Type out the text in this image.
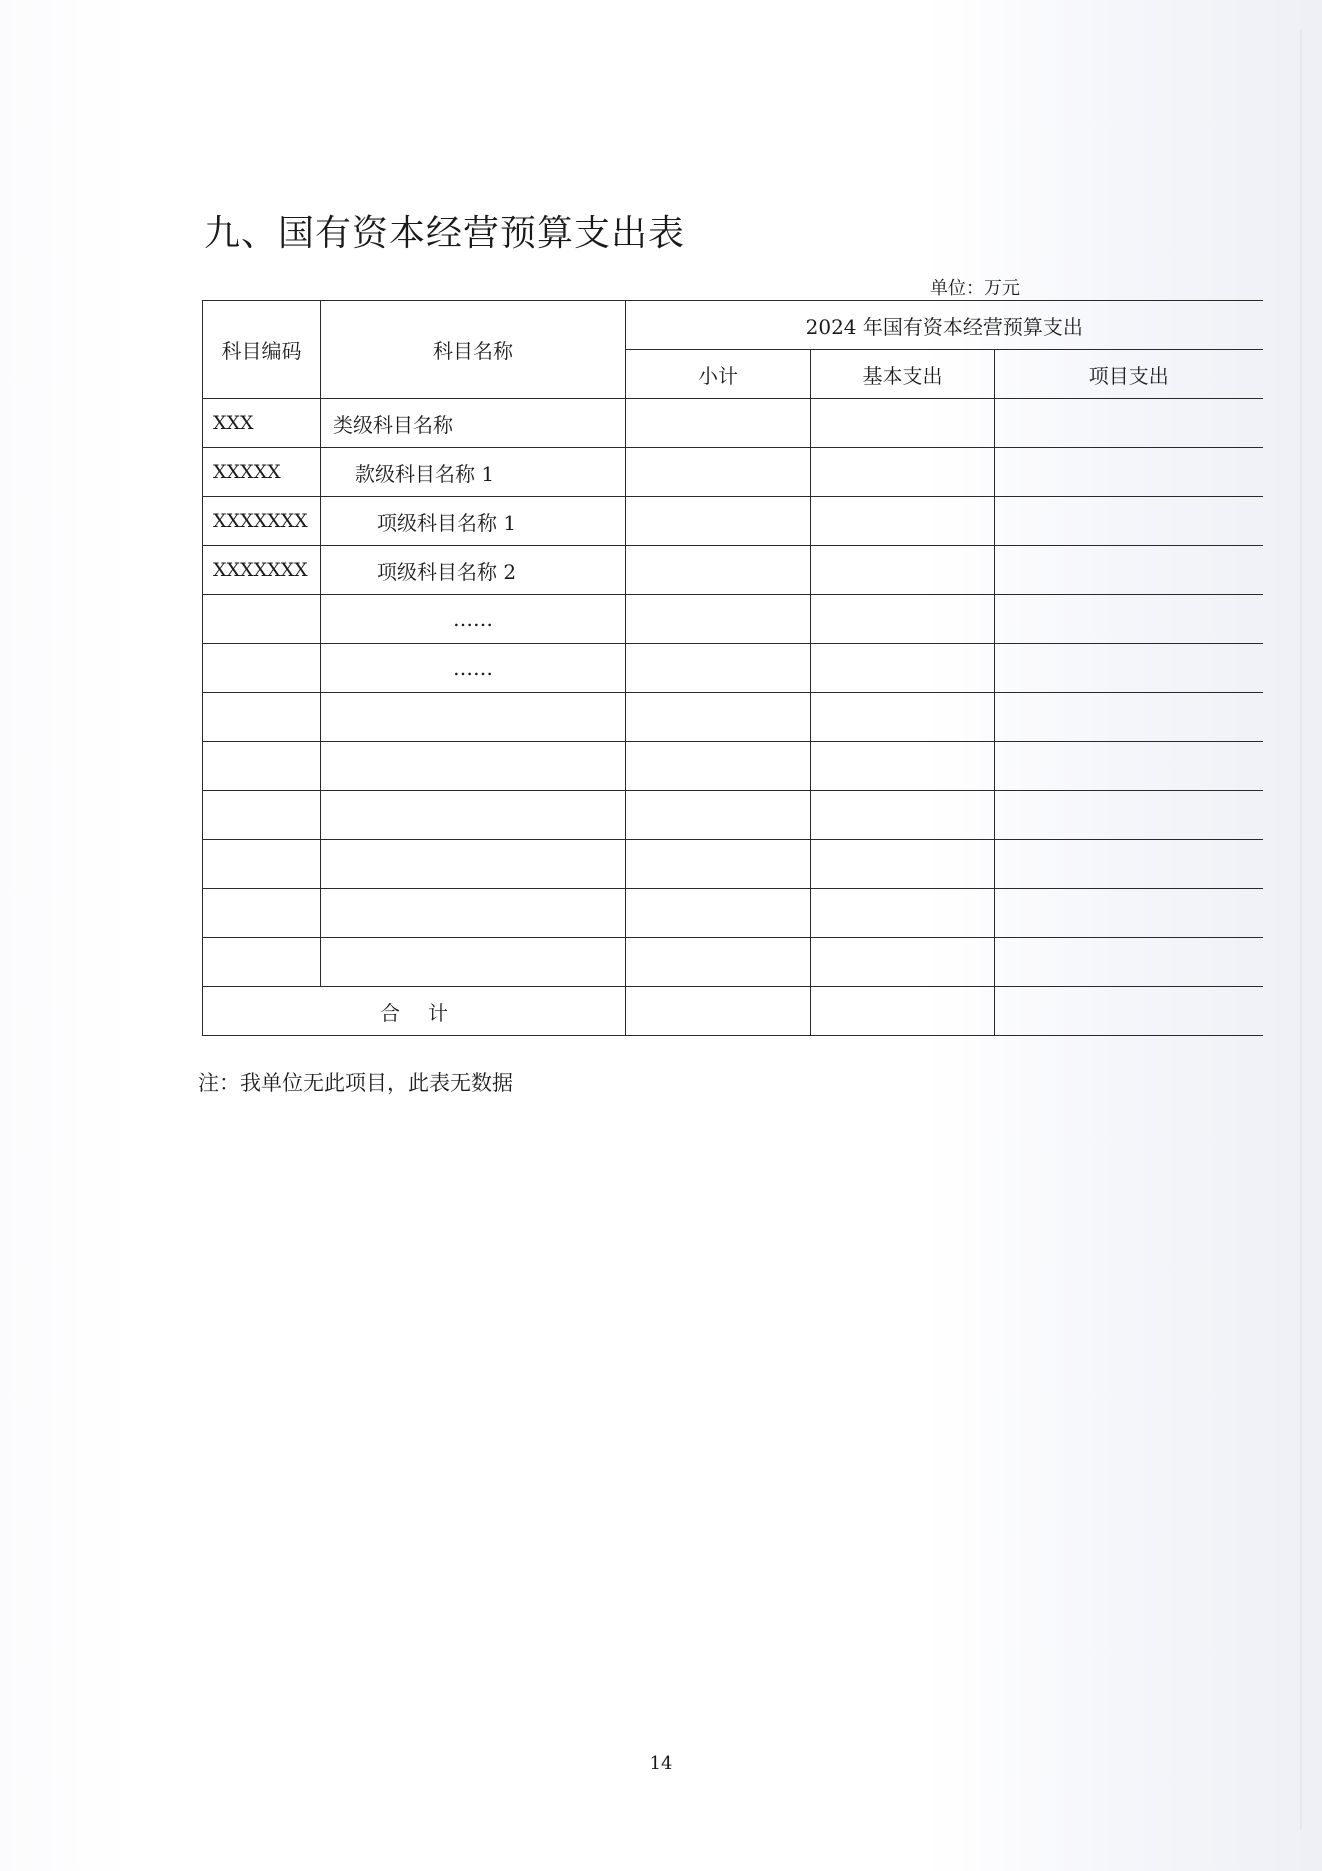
九、国有资本经营预算支出表
单位：万元
科目编码	科目名称	2024 年国有资本经营预算支出		
		小计	基本支出	项目支出
XXX	类级科目名称			
XXXXX	款级科目名称 1			
XXXXXXX	项级科目名称 1			
XXXXXXX	项级科目名称 2			
	……			
	……			

合计				
注：我单位无此项目，此表无数据
14
